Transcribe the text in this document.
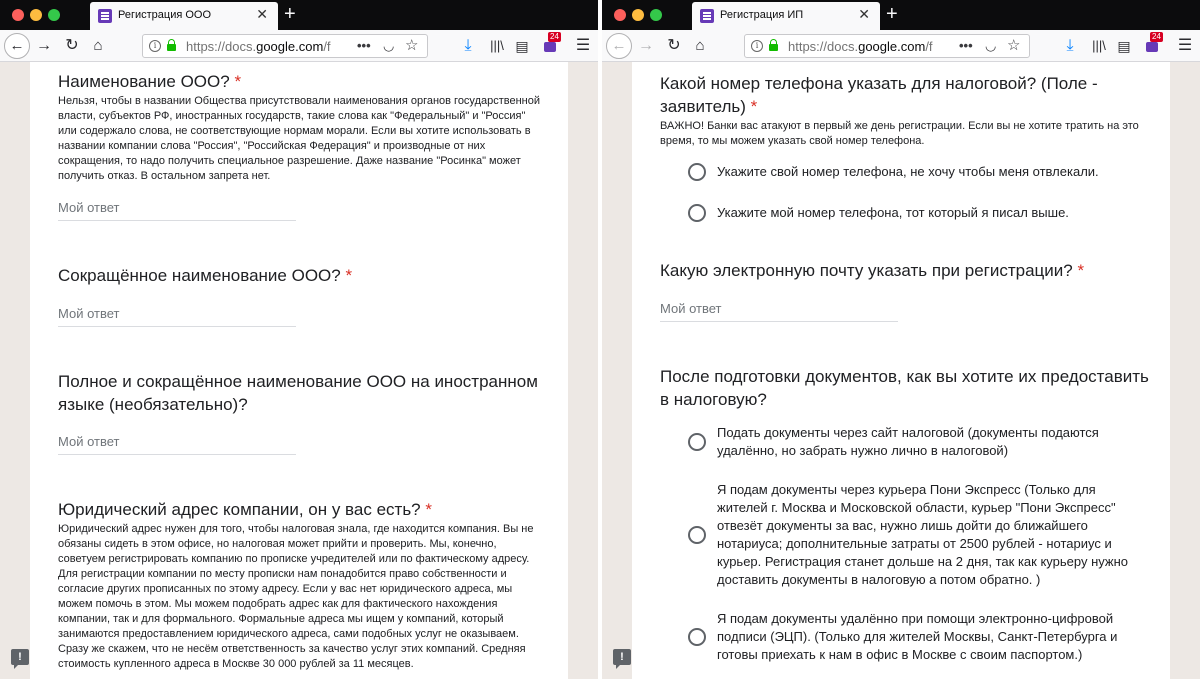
Регистрация ООО	✕ +
← → ↻ ⌂	i	https://docs.google.com/f ••• ◡ ☆	⤓	|||\ ▤
24
☰
Наименование ООО? *
Нельзя, чтобы в названии Общества присутствовали наименования органов государственной власти, субъектов РФ, иностранных государств, такие слова как "Федеральный" и "Россия" или содержало слова, не соответствующие нормам морали. Если вы хотите использовать в названии компании слова "Россия", "Российская Федерация" и производные от них сокращения, то надо получить специальное разрешение. Даже название "Росинка" может получить отказ. В остальном запрета нет.
Мой ответ
Сокращённое наименование ООО? *
Мой ответ
Полное и сокращённое наименование ООО на иностранном языке (необязательно)?
Мой ответ
Юридический адрес компании, он у вас есть? *
Юридический адрес нужен для того, чтобы налоговая знала, где находится компания. Вы не обязаны сидеть в этом офисе, но налоговая может прийти и проверить. Мы, конечно, советуем регистрировать компанию по прописке учредителей или по фактическому адресу. Для регистрации компании по месту прописки нам понадобится право собственности и согласие других прописанных по этому адресу. Если у вас нет юридического адреса, мы можем помочь в этом. Мы можем подобрать адрес как для фактического нахождения компании, так и для формального. Формальные адреса мы ищем у компаний, который занимаются предоставлением юридического адреса, сами подобных услуг не оказываем. Сразу же скажем, что не несём ответственность за качество услуг этих компаний. Средняя стоимость купленного адреса в Москве 30 000 рублей за 11 месяцев.
!
Регистрация ИП	✕ +
← → ↻ ⌂	i	https://docs.google.com/f ••• ◡ ☆	⤓	|||\ ▤
24
☰
Какой номер телефона указать для налоговой? (Поле - заявитель) *
ВАЖНО! Банки вас атакуют в первый же день регистрации. Если вы не хотите тратить на это время, то мы можем указать свой номер телефона.
Укажите свой номер телефона, не хочу чтобы меня отвлекали.
Укажите мой номер телефона, тот который я писал выше.
Какую электронную почту указать при регистрации? *
Мой ответ
После подготовки документов, как вы хотите их предоставить в налоговую?
Подать документы через сайт налоговой (документы подаются удалённо, но забрать нужно лично в налоговой)
Я подам документы через курьера Пони Экспресс (Только для жителей г. Москва и Московской области, курьер "Пони Экспресс" отвезёт документы за вас, нужно лишь дойти до ближайшего нотариуса; дополнительные затраты от 2500 рублей - нотариус и курьер. Регистрация станет дольше на 2 дня, так как курьеру нужно доставить документы в налоговую а потом обратно. )
Я подам документы удалённо при помощи электронно-цифровой подписи (ЭЦП). (Только для жителей Москвы, Санкт-Петербурга и готовы приехать к нам в офис в Москве с своим паспортом.)
!
